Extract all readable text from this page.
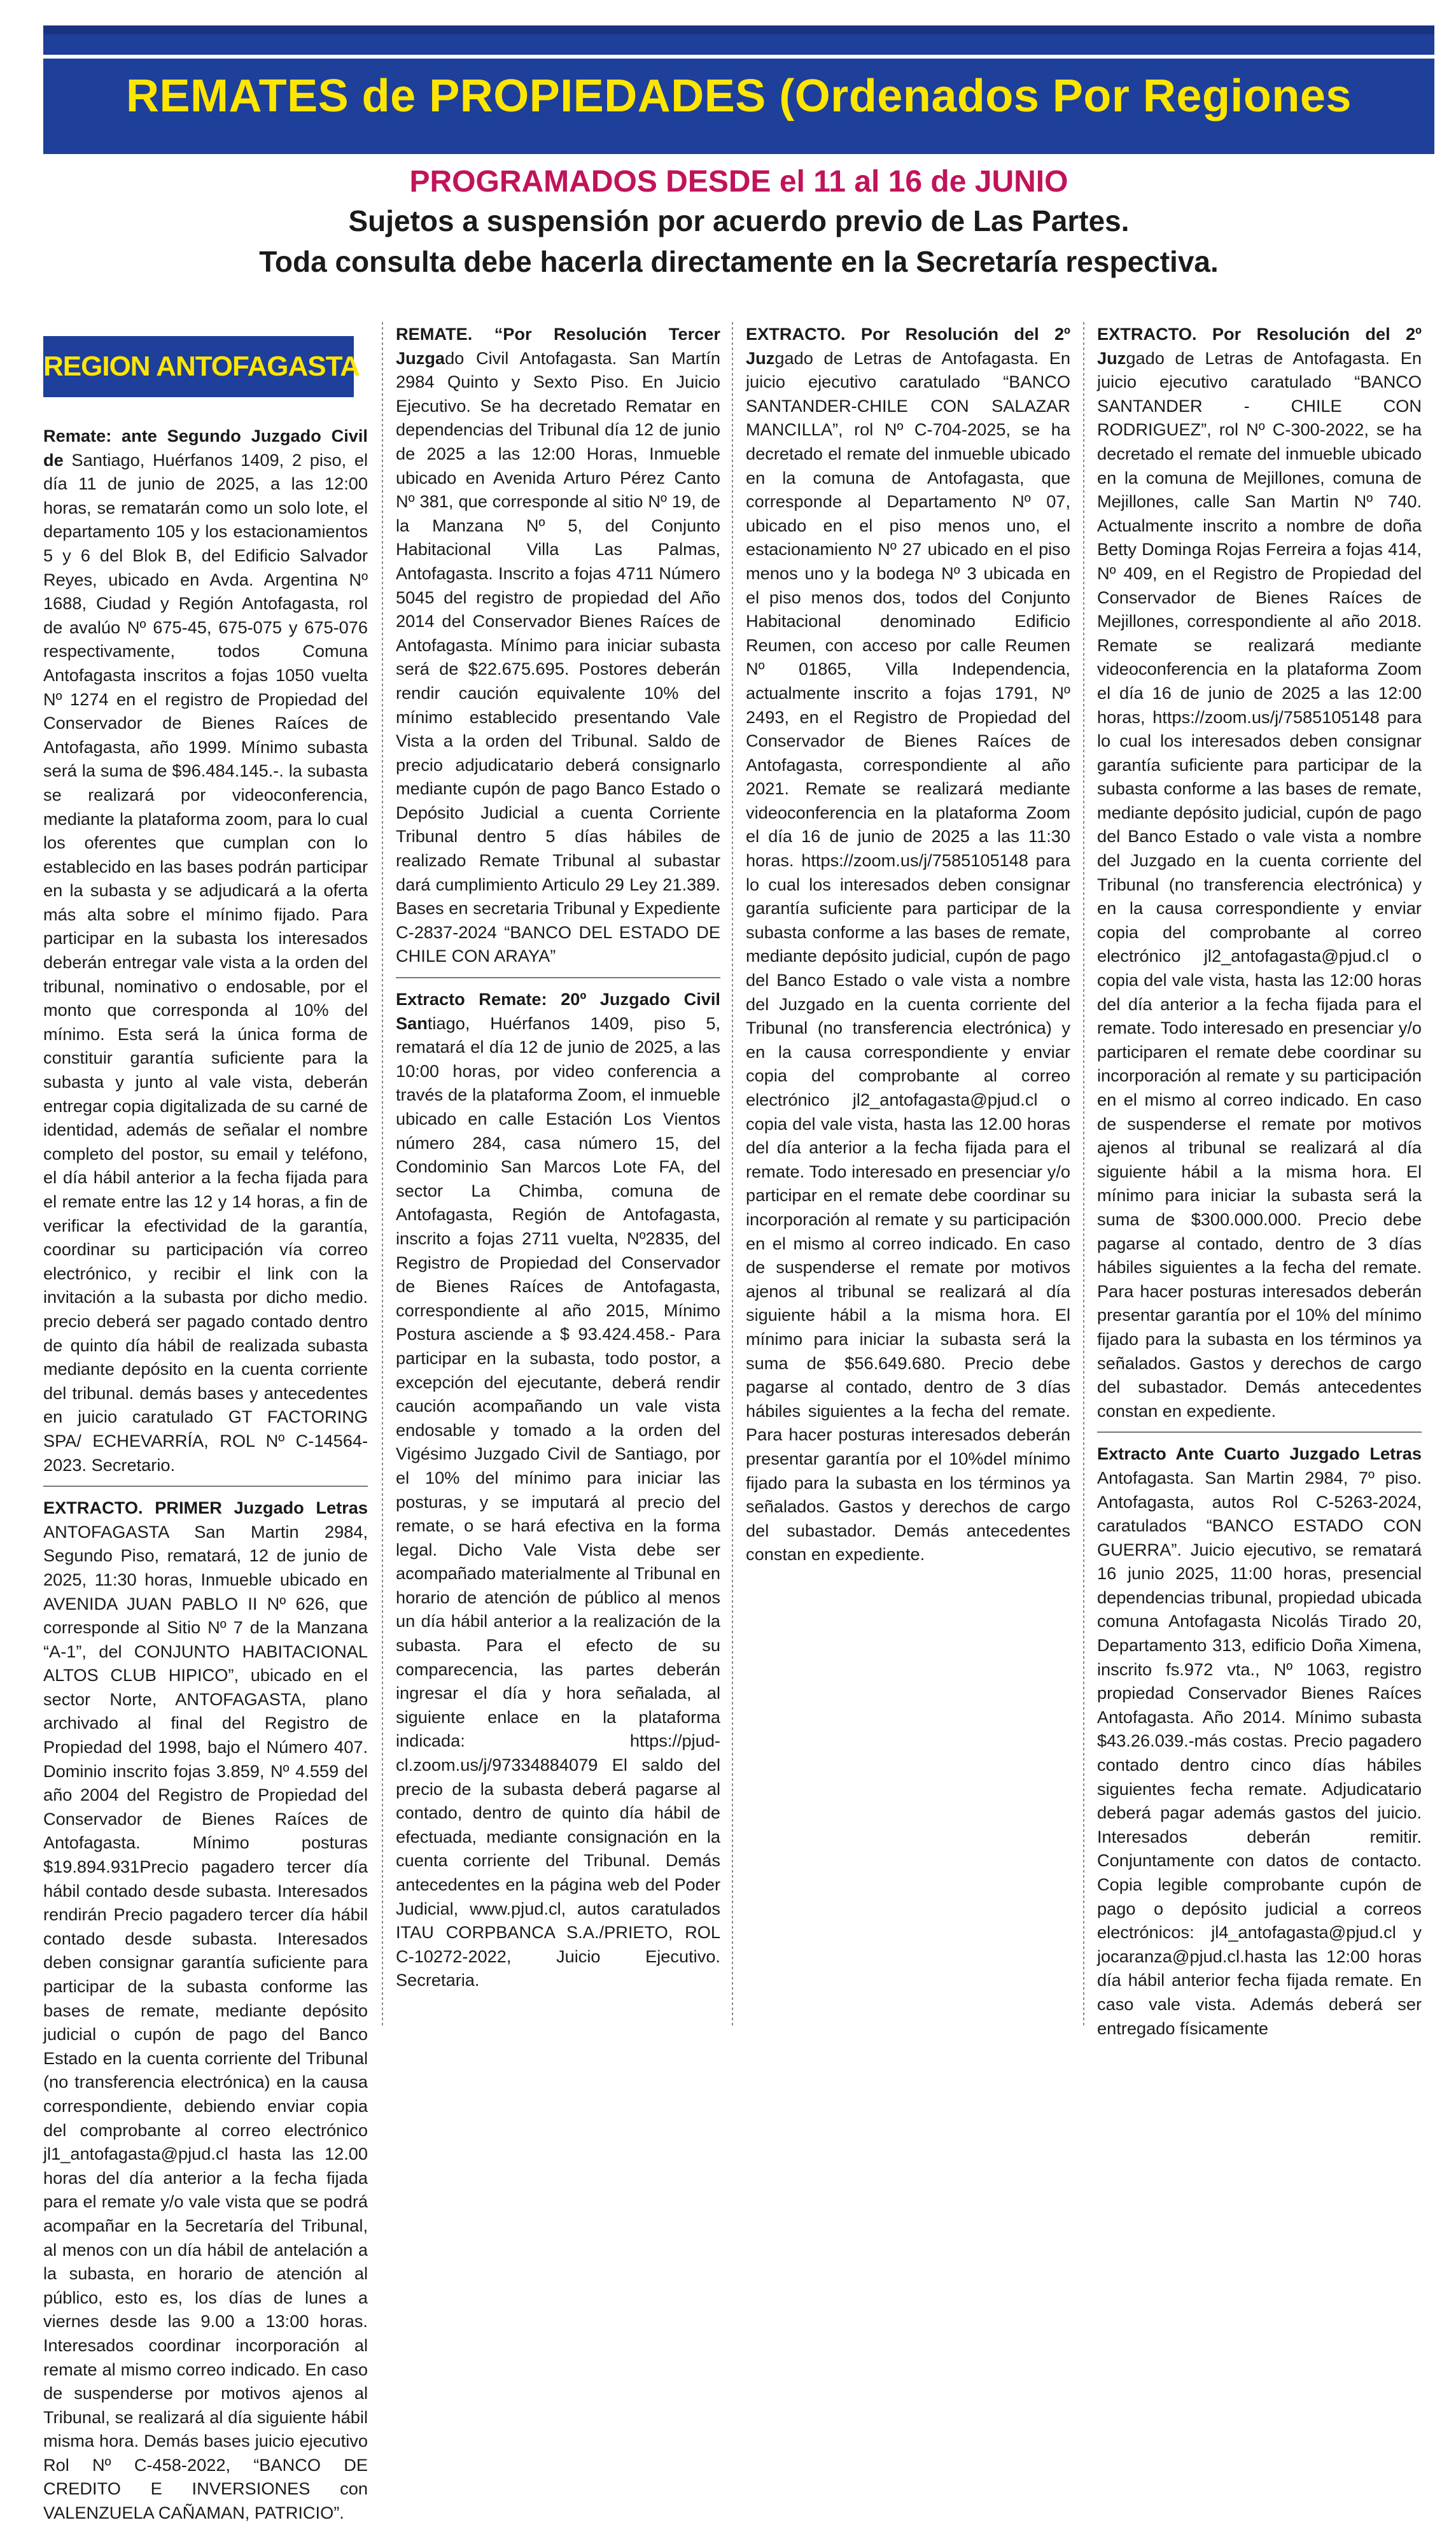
REMATES de PROPIEDADES (Ordenados Por Regiones
PROGRAMADOS DESDE el 11 al 16 de JUNIO
Sujetos a suspensión por acuerdo previo de Las Partes.
Toda consulta debe hacerla directamente en la Secretaría respectiva.
REGION ANTOFAGASTA

Remate: ante Segundo Juzgado Civil de Santiago, Huérfanos 1409, 2 piso, el día 11 de junio de 2025, a las 12:00 horas, se rematarán como un solo lote, el departamento 105 y los estacionamientos 5 y 6 del Blok B, del Edificio Salvador Reyes, ubicado en Avda. Argentina Nº 1688, Ciudad y Región Antofagasta, rol de avalúo Nº 675-45, 675-075 y 675-076 respectivamente, todos Comuna Antofagasta inscritos a fojas 1050 vuelta Nº 1274 en el registro de Propiedad del Conservador de Bienes Raíces de Antofagasta, año 1999. Mínimo subasta será la suma de $96.484.145.-. la subasta se realizará por videoconferencia, mediante la plataforma zoom, para lo cual los oferentes que cumplan con lo establecido en las bases podrán participar en la subasta y se adjudicará a la oferta más alta sobre el mínimo fijado. Para participar en la subasta los interesados deberán entregar vale vista a la orden del tribunal, nominativo o endosable, por el monto que corresponda al 10% del mínimo. Esta será la única forma de constituir garantía suficiente para la subasta y junto al vale vista, deberán entregar copia digitalizada de su carné de identidad, además de señalar el nombre completo del postor, su email y teléfono, el día hábil anterior a la fecha fijada para el remate entre las 12 y 14 horas, a fin de verificar la efectividad de la garantía, coordinar su participación vía correo electrónico, y recibir el link con la invitación a la subasta por dicho medio. precio deberá ser pagado contado dentro de quinto día hábil de realizada subasta mediante depósito en la cuenta corriente del tribunal. demás bases y antecedentes en juicio caratulado GT FACTORING SPA/ ECHEVARRÍA, ROL Nº C-14564-2023. Secretario.

EXTRACTO. PRIMER Juzgado Letras ANTOFAGASTA San Martin 2984, Segundo Piso, rematará, 12 de junio de 2025, 11:30 horas, Inmueble ubicado en AVENIDA JUAN PABLO II Nº 626, que corresponde al Sitio Nº 7 de la Manzana “A-1”, del CONJUNTO HABITACIONAL ALTOS CLUB HIPICO”, ubicado en el sector Norte, ANTOFAGASTA, plano archivado al final del Registro de Propiedad del 1998, bajo el Número 407. Dominio inscrito fojas 3.859, Nº 4.559 del año 2004 del Registro de Propiedad del Conservador de Bienes Raíces de Antofagasta. Mínimo posturas $19.894.931Precio pagadero tercer día hábil contado desde subasta. Interesados rendirán Precio pagadero tercer día hábil contado desde subasta. Interesados deben consignar garantía suficiente para participar de la subasta conforme las bases de remate, mediante depósito judicial o cupón de pago del Banco Estado en la cuenta corriente del Tribunal (no transferencia electrónica) en la causa correspondiente, debiendo enviar copia del comprobante al correo electrónico jl1_antofagasta@pjud.cl hasta las 12.00 horas del día anterior a la fecha fijada para el remate y/o vale vista que se podrá acompañar en la 5ecretaría del Tribunal, al menos con un día hábil de antelación a la subasta, en horario de atención al público, esto es, los días de lunes a viernes desde las 9.00 a 13:00 horas. Interesados coordinar incorporación al remate al mismo correo indicado. En caso de suspenderse por motivos ajenos al Tribunal, se realizará al día siguiente hábil misma hora. Demás bases juicio ejecutivo Rol Nº C-458-2022, “BANCO DE CREDITO E INVERSIONES con VALENZUELA CAÑAMAN, PATRICIO”.

REMATE. “Por Resolución Tercer Juzgado Civil Antofagasta. San Martín 2984 Quinto y Sexto Piso. En Juicio Ejecutivo. Se ha decretado Rematar en dependencias del Tribunal día 12 de junio de 2025 a las 12:00 Horas, Inmueble ubicado en Avenida Arturo Pérez Canto Nº 381, que corresponde al sitio Nº 19, de la Manzana Nº 5, del Conjunto Habitacional Villa Las Palmas, Antofagasta. Inscrito a fojas 4711 Número 5045 del registro de propiedad del Año 2014 del Conservador Bienes Raíces de Antofagasta. Mínimo para iniciar subasta será de $22.675.695. Postores deberán rendir caución equivalente 10% del mínimo establecido presentando Vale Vista a la orden del Tribunal. Saldo de precio adjudicatario deberá consignarlo mediante cupón de pago Banco Estado o Depósito Judicial a cuenta Corriente Tribunal dentro 5 días hábiles de realizado Remate Tribunal al subastar dará cumplimiento Articulo 29 Ley 21.389. Bases en secretaria Tribunal y Expediente C-2837-2024 “BANCO DEL ESTADO DE CHILE CON ARAYA”

Extracto Remate: 20º Juzgado Civil Santiago, Huérfanos 1409, piso 5, rematará el día 12 de junio de 2025, a las 10:00 horas, por video conferencia a través de la plataforma Zoom, el inmueble ubicado en calle Estación Los Vientos número 284, casa número 15, del Condominio San Marcos Lote FA, del sector La Chimba, comuna de Antofagasta, Región de Antofagasta, inscrito a fojas 2711 vuelta, Nº2835, del Registro de Propiedad del Conservador de Bienes Raíces de Antofagasta, correspondiente al año 2015, Mínimo Postura asciende a $ 93.424.458.- Para participar en la subasta, todo postor, a excepción del ejecutante, deberá rendir caución acompañando un vale vista endosable y tomado a la orden del Vigésimo Juzgado Civil de Santiago, por el 10% del mínimo para iniciar las posturas, y se imputará al precio del remate, o se hará efectiva en la forma legal. Dicho Vale Vista debe ser acompañado materialmente al Tribunal en horario de atención de público al menos un día hábil anterior a la realización de la subasta. Para el efecto de su comparecencia, las partes deberán ingresar el día y hora señalada, al siguiente enlace en la plataforma indicada: https://pjud-cl.zoom.us/j/97334884079 El saldo del precio de la subasta deberá pagarse al contado, dentro de quinto día hábil de efectuada, mediante consignación en la cuenta corriente del Tribunal. Demás antecedentes en la página web del Poder Judicial, www.pjud.cl, autos caratulados ITAU CORPBANCA S.A./PRIETO, ROL C-10272-2022, Juicio Ejecutivo. Secretaria.

EXTRACTO. Por Resolución del 2º Juzgado de Letras de Antofagasta. En juicio ejecutivo caratulado “BANCO SANTANDER-CHILE CON SALAZAR MANCILLA”, rol Nº C-704-2025, se ha decretado el remate del inmueble ubicado en la comuna de Antofagasta, que corresponde al Departamento Nº 07, ubicado en el piso menos uno, el estacionamiento Nº 27 ubicado en el piso menos uno y la bodega Nº 3 ubicada en el piso menos dos, todos del Conjunto Habitacional denominado Edificio Reumen, con acceso por calle Reumen Nº 01865, Villa Independencia, actualmente inscrito a fojas 1791, Nº 2493, en el Registro de Propiedad del Conservador de Bienes Raíces de Antofagasta, correspondiente al año 2021. Remate se realizará mediante videoconferencia en la plataforma Zoom el día 16 de junio de 2025 a las 11:30 horas. https://zoom.us/j/7585105148 para lo cual los interesados deben consignar garantía suficiente para participar de la subasta conforme a las bases de remate, mediante depósito judicial, cupón de pago del Banco Estado o vale vista a nombre del Juzgado en la cuenta corriente del Tribunal (no transferencia electrónica) y en la causa correspondiente y enviar copia del comprobante al correo electrónico jl2_antofagasta@pjud.cl o copia del vale vista, hasta las 12.00 horas del día anterior a la fecha fijada para el remate. Todo interesado en presenciar y/o participar en el remate debe coordinar su incorporación al remate y su participación en el mismo al correo indicado. En caso de suspenderse el remate por motivos ajenos al tribunal se realizará al día siguiente hábil a la misma hora. El mínimo para iniciar la subasta será la suma de $56.649.680. Precio debe pagarse al contado, dentro de 3 días hábiles siguientes a la fecha del remate. Para hacer posturas interesados deberán presentar garantía por el 10%del mínimo fijado para la subasta en los términos ya señalados. Gastos y derechos de cargo del subastador. Demás antecedentes constan en expediente.

EXTRACTO. Por Resolución del 2º Juzgado de Letras de Antofagasta. En juicio ejecutivo caratulado “BANCO SANTANDER - CHILE CON RODRIGUEZ”, rol Nº C-300-2022, se ha decretado el remate del inmueble ubicado en la comuna de Mejillones, comuna de Mejillones, calle San Martin Nº 740. Actualmente inscrito a nombre de doña Betty Dominga Rojas Ferreira a fojas 414, Nº 409, en el Registro de Propiedad del Conservador de Bienes Raíces de Mejillones, correspondiente al año 2018. Remate se realizará mediante videoconferencia en la plataforma Zoom el día 16 de junio de 2025 a las 12:00 horas, https://zoom.us/j/7585105148 para lo cual los interesados deben consignar garantía suficiente para participar de la subasta conforme a las bases de remate, mediante depósito judicial, cupón de pago del Banco Estado o vale vista a nombre del Juzgado en la cuenta corriente del Tribunal (no transferencia electrónica) y en la causa correspondiente y enviar copia del comprobante al correo electrónico jl2_antofagasta@pjud.cl o copia del vale vista, hasta las 12:00 horas del día anterior a la fecha fijada para el remate. Todo interesado en presenciar y/o participaren el remate debe coordinar su incorporación al remate y su participación en el mismo al correo indicado. En caso de suspenderse el remate por motivos ajenos al tribunal se realizará al día siguiente hábil a la misma hora. El mínimo para iniciar la subasta será la suma de $300.000.000. Precio debe pagarse al contado, dentro de 3 días hábiles siguientes a la fecha del remate. Para hacer posturas interesados deberán presentar garantía por el 10% del mínimo fijado para la subasta en los términos ya señalados. Gastos y derechos de cargo del subastador. Demás antecedentes constan en expediente.

Extracto Ante Cuarto Juzgado Letras Antofagasta. San Martin 2984, 7º piso. Antofagasta, autos Rol C-5263-2024, caratulados “BANCO ESTADO CON GUERRA”. Juicio ejecutivo, se rematará 16 junio 2025, 11:00 horas, presencial dependencias tribunal, propiedad ubicada comuna Antofagasta Nicolás Tirado 20, Departamento 313, edificio Doña Ximena, inscrito fs.972 vta., Nº 1063, registro propiedad Conservador Bienes Raíces Antofagasta. Año 2014. Mínimo subasta $43.26.039.-más costas. Precio pagadero contado dentro cinco días hábiles siguientes fecha remate. Adjudicatario deberá pagar además gastos del juicio. Interesados deberán remitir. Conjuntamente con datos de contacto. Copia legible comprobante cupón de pago o depósito judicial a correos electrónicos: jl4_antofagasta@pjud.cl y jocaranza@pjud.cl.hasta las 12:00 horas día hábil anterior fecha fijada remate. En caso vale vista. Además deberá ser entregado físicamente
